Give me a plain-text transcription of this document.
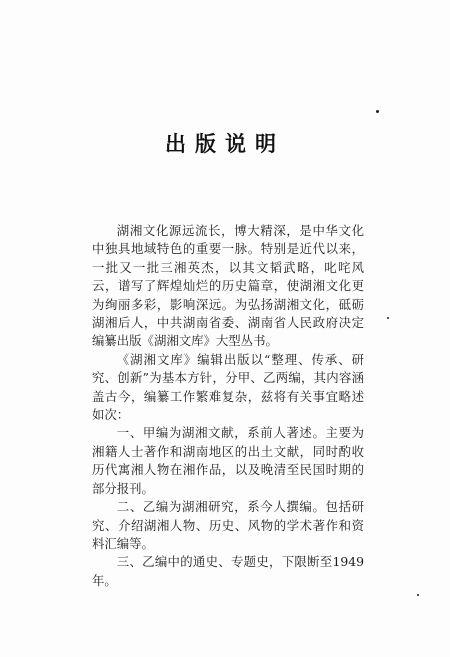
出版说明

湖湘文化源远流长，博大精深，是中华文化中独具地域特色的重要一脉。特别是近代以来，一批又一批三湘英杰，以其文韬武略，叱咤风云，谱写了辉煌灿烂的历史篇章，使湖湘文化更为绚丽多彩，影响深远。为弘扬湖湘文化，砥砺湖湘后人，中共湖南省委、湖南省人民政府决定编纂出版《湖湘文库》大型丛书。

《湖湘文库》编辑出版以“整理、传承、研究、创新”为基本方针，分甲、乙两编，其内容涵盖古今，编纂工作繁难复杂，兹将有关事宜略述如次：

一、甲编为湖湘文献，系前人著述。主要为湘籍人士著作和湖南地区的出土文献，同时酌收历代寓湘人物在湘作品，以及晚清至民国时期的部分报刊。

二、乙编为湖湘研究，系今人撰编。包括研究、介绍湖湘人物、历史、风物的学术著作和资料汇编等。

三、乙编中的通史、专题史，下限断至1949年。
